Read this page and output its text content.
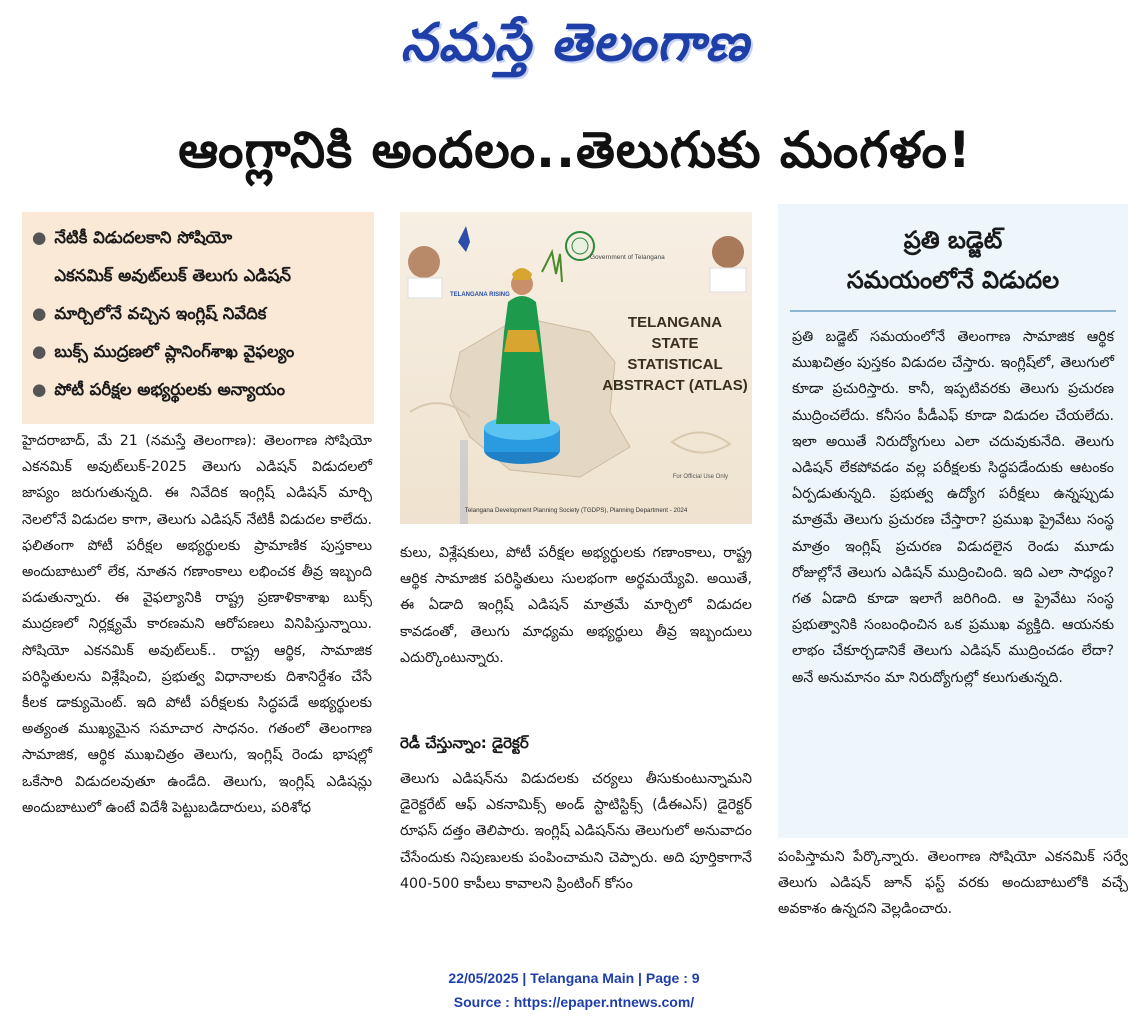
నమస్తే తెలంగాణ
ఆంగ్లానికి అందలం..తెలుగుకు మంగళం!
● నేటికీ విడుదలకాని సోషియో
ఎకనమిక్ అవుట్‌లుక్ తెలుగు ఎడిషన్
● మార్చిలోనే వచ్చిన ఇంగ్లిష్ నివేదిక
● బుక్స్ ముద్రణలో ప్లానింగ్‌శాఖ వైఫల్యం
● పోటీ పరీక్షల అభ్యర్థులకు అన్యాయం

హైదరాబాద్, మే 21 (నమస్తే తెలంగాణ): తెలంగాణ సోషియో ఎకనమిక్ అవుట్‌లుక్-2025 తెలుగు ఎడిషన్ విడుదలలో జాప్యం జరుగుతున్నది. ఈ నివేదిక ఇంగ్లిష్ ఎడిషన్ మార్చి నెలలోనే విడుదల కాగా, తెలుగు ఎడిషన్ నేటికీ విడుదల కాలేదు. ఫలితంగా పోటీ పరీక్షల అభ్యర్థులకు ప్రామాణిక పుస్తకాలు అందుబాటులో లేక, నూతన గణాంకాలు లభించక తీవ్ర ఇబ్బంది పడుతున్నారు. ఈ వైఫల్యానికి రాష్ట్ర ప్రణాళికాశాఖ బుక్స్ ముద్రణలో నిర్లక్ష్యమే కారణమని ఆరోపణలు వినిపిస్తున్నాయి. సోషియో ఎకనమిక్ అవుట్‌లుక్.. రాష్ట్ర ఆర్థిక, సామాజిక పరిస్థితులను విశ్లేషించి, ప్రభుత్వ విధానాలకు దిశానిర్దేశం చేసే కీలక డాక్యుమెంట్. ఇది పోటీ పరీక్షలకు సిద్ధపడే అభ్యర్థులకు అత్యంత ముఖ్యమైన సమాచార సాధనం. గతంలో తెలంగాణ సామాజిక, ఆర్థిక ముఖచిత్రం తెలుగు, ఇంగ్లిష్ రెండు భాషల్లో ఒకేసారి విడుదలవుతూ ఉండేది. తెలుగు, ఇంగ్లిష్ ఎడిషన్లు అందుబాటులో ఉంటే విదేశీ పెట్టుబడిదారులు, పరిశోధ

Government of Telangana
TELANGANA RISING
TELANGANA
STATE
STATISTICAL
ABSTRACT (ATLAS)
For Official Use Only
Telangana Development Planning Society (TGDPS), Planning Department - 2024

కులు, విశ్లేషకులు, పోటీ పరీక్షల అభ్యర్థులకు గణాంకాలు, రాష్ట్ర ఆర్థిక సామాజిక పరిస్థితులు సులభంగా అర్థమయ్యేవి. అయితే, ఈ ఏడాది ఇంగ్లిష్ ఎడిషన్ మాత్రమే మార్చిలో విడుదల కావడంతో, తెలుగు మాధ్యమ అభ్యర్థులు తీవ్ర ఇబ్బందులు ఎదుర్కొంటున్నారు.

రెడీ చేస్తున్నాం: డైరెక్టర్

తెలుగు ఎడిషన్‌ను విడుదలకు చర్యలు తీసుకుంటున్నామని డైరెక్టరేట్ ఆఫ్ ఎకనామిక్స్ అండ్ స్టాటిస్టిక్స్ (డీఈఎస్) డైరెక్టర్ రూఫస్ దత్తం తెలిపారు. ఇంగ్లిష్ ఎడిషన్‌ను తెలుగులో అనువాదం చేసేందుకు నిపుణులకు పంపించామని చెప్పారు. అది పూర్తికాగానే 400-500 కాపీలు కావాలని ప్రింటింగ్ కోసం

ప్రతి బడ్జెట్
సమయంలోనే విడుదల
ప్రతి బడ్జెట్ సమయంలోనే తెలంగాణ సామాజిక ఆర్థిక ముఖచిత్రం పుస్తకం విడుదల చేస్తారు. ఇంగ్లిష్‌లో, తెలుగులో కూడా ప్రచురిస్తారు. కానీ, ఇప్పటివరకు తెలుగు ప్రచురణ ముద్రించలేదు. కనీసం పీడీఎఫ్ కూడా విడుదల చేయలేదు. ఇలా అయితే నిరుద్యోగులు ఎలా చదువుకునేది. తెలుగు ఎడిషన్ లేకపోవడం వల్ల పరీక్షలకు సిద్ధపడేందుకు ఆటంకం ఏర్పడుతున్నది. ప్రభుత్వ ఉద్యోగ పరీక్షలు ఉన్నప్పుడు మాత్రమే తెలుగు ప్రచురణ చేస్తారా? ప్రముఖ ప్రైవేటు సంస్థ మాత్రం ఇంగ్లిష్ ప్రచురణ విడుదలైన రెండు మూడు రోజుల్లోనే తెలుగు ఎడిషన్ ముద్రించింది. ఇది ఎలా సాధ్యం? గత ఏడాది కూడా ఇలాగే జరిగింది. ఆ ప్రైవేటు సంస్థ ప్రభుత్వానికి సంబంధించిన ఒక ప్రముఖ వ్యక్తిది. ఆయనకు లాభం చేకూర్చడానికే తెలుగు ఎడిషన్ ముద్రించడం లేదా? అనే అనుమానం మా నిరుద్యోగుల్లో కలుగుతున్నది.

పంపిస్తామని పేర్కొన్నారు. తెలంగాణ సోషియో ఎకనమిక్ సర్వే తెలుగు ఎడిషన్ జూన్ ఫస్ట్ వరకు అందుబాటులోకి వచ్చే అవకాశం ఉన్నదని వెల్లడించారు.

22/05/2025 | Telangana Main | Page : 9
Source : https://epaper.ntnews.com/
